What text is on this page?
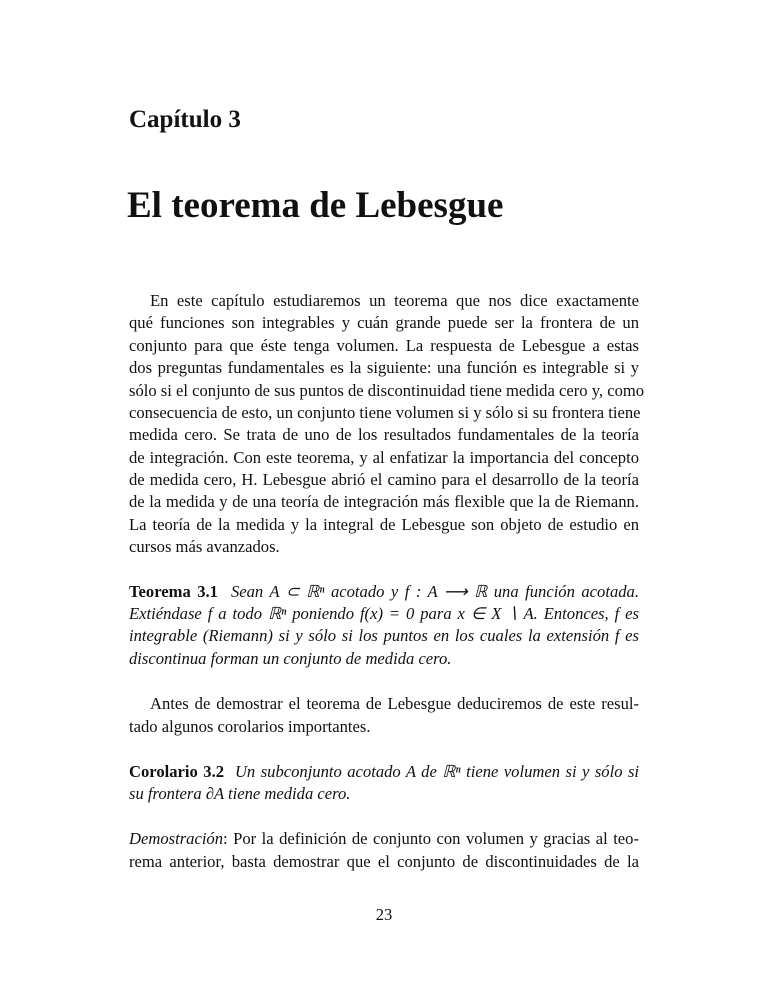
Capítulo 3
El teorema de Lebesgue
En este capítulo estudiaremos un teorema que nos dice exactamente
qué funciones son integrables y cuán grande puede ser la frontera de un
conjunto para que éste tenga volumen. La respuesta de Lebesgue a estas
dos preguntas fundamentales es la siguiente: una función es integrable si y
sólo si el conjunto de sus puntos de discontinuidad tiene medida cero y, como
consecuencia de esto, un conjunto tiene volumen si y sólo si su frontera tiene
medida cero. Se trata de uno de los resultados fundamentales de la teoría
de integración. Con este teorema, y al enfatizar la importancia del concepto
de medida cero, H. Lebesgue abrió el camino para el desarrollo de la teoría
de la medida y de una teoría de integración más flexible que la de Riemann.
La teoría de la medida y la integral de Lebesgue son objeto de estudio en
cursos más avanzados.
Teorema 3.1 Sean A ⊂ ℝⁿ acotado y f : A ⟶ ℝ una función acotada.
Extiéndase f a todo ℝⁿ poniendo f(x) = 0 para x ∈ X ∖ A. Entonces, f es
integrable (Riemann) si y sólo si los puntos en los cuales la extensión f es
discontinua forman un conjunto de medida cero.
Antes de demostrar el teorema de Lebesgue deduciremos de este resul-
tado algunos corolarios importantes.
Corolario 3.2 Un subconjunto acotado A de ℝⁿ tiene volumen si y sólo si
su frontera ∂A tiene medida cero.
Demostración: Por la definición de conjunto con volumen y gracias al teo-
rema anterior, basta demostrar que el conjunto de discontinuidades de la
23
